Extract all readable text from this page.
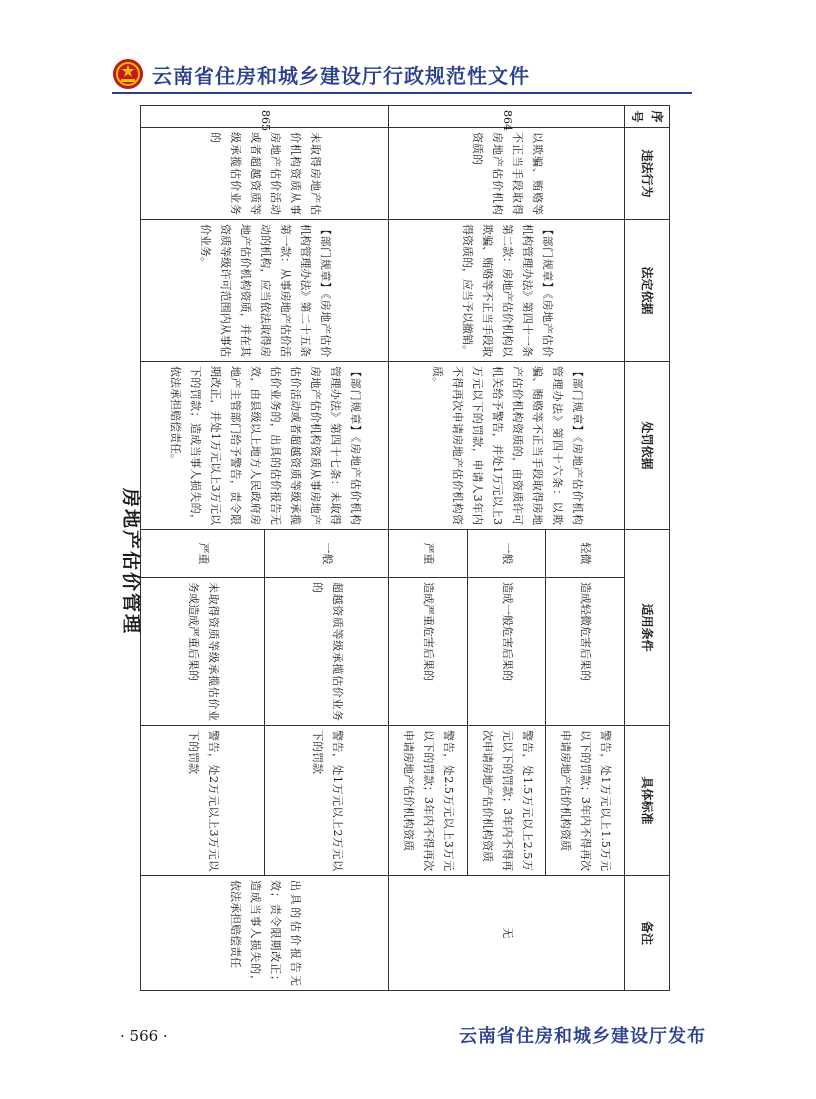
云南省住房和城乡建设厅行政规范性文件
房地产估价管理
序号	违法行为	法定依据	处罚依据	适用条件		具体标准	备注
864	以欺骗、贿赂等不正当手段取得房地产估价机构资质的	【部门规章】《房地产估价机构管理办法》第四十一条第二款：房地产估价机构以欺骗、贿赂等不正当手段取得资质的，应当予以撤销。	【部门规章】《房地产估价机构管理办法》第四十六条：以欺骗、贿赂等不正当手段取得房地产估价机构资质的，由资质许可机关给予警告，并处1万元以上3万元以下的罚款，申请人3年内不得再次申请房地产估价机构资质。	轻微	造成轻微危害后果的	警告，处1万元以上1.5万元以下的罚款；3年内不得再次申请房地产估价机构资质	无
				一般	造成一般危害后果的	警告，处1.5万元以上2.5万元以下的罚款；3年内不得再次申请房地产估价机构资质	
				严重	造成严重危害后果的	警告，处2.5万元以上3万元以下的罚款；3年内不得再次申请房地产估价机构资质	
865	未取得房地产估价机构资质从事房地产估价活动或者超越资质等级承揽估价业务的	【部门规章】《房地产估价机构管理办法》第二十五条第一款：从事房地产估价活动的机构，应当依法取得房地产估价机构资质，并在其资质等级许可范围内从事估价业务。	【部门规章】《房地产估价机构管理办法》第四十七条：未取得房地产估价机构资质从事房地产估价活动或者超越资质等级承揽估价业务的，出具的估价报告无效，由县级以上地方人民政府房地产主管部门给予警告，责令限期改正，并处1万元以上3万元以下的罚款；造成当事人损失的，依法承担赔偿责任。	一般	超越资质等级承揽估价业务的	警告，处1万元以上2万元以下的罚款	出具的估价报告无效；责令限期改正；造成当事人损失的，依法承担赔偿责任
				严重	未取得资质等级承揽估价业务或造成严重后果的	警告，处2万元以上3万元以下的罚款	
· 566 ·	云南省住房和城乡建设厅发布
